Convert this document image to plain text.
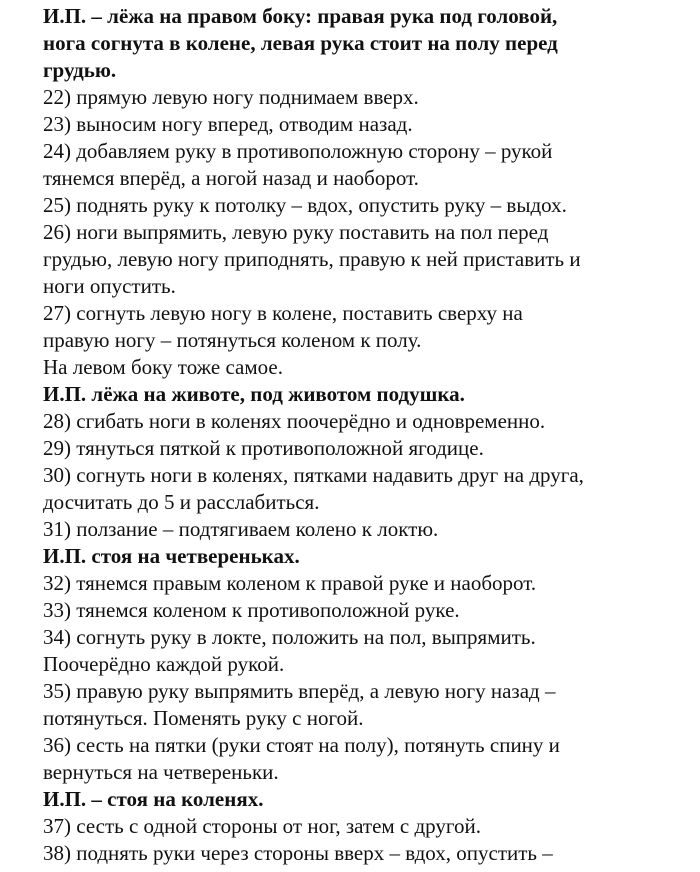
И.П. – лёжа на правом боку: правая рука под головой,
нога согнута в колене, левая рука стоит на полу перед
грудью.
22) прямую левую ногу поднимаем вверх.
23) выносим ногу вперед, отводим назад.
24) добавляем руку в противоположную сторону – рукой
тянемся вперёд, а ногой назад и наоборот.
25) поднять руку к потолку – вдох, опустить руку – выдох.
26) ноги выпрямить, левую руку поставить на пол перед
грудью, левую ногу приподнять, правую к ней приставить и
ноги опустить.
27) согнуть левую ногу в колене, поставить сверху на
правую ногу – потянуться коленом к полу.
На левом боку тоже самое.
И.П. лёжа на животе, под животом подушка.
28) сгибать ноги в коленях поочерёдно и одновременно.
29) тянуться пяткой к противоположной ягодице.
30) согнуть ноги в коленях, пятками надавить друг на друга,
досчитать до 5 и расслабиться.
31) ползание – подтягиваем колено к локтю.
И.П. стоя на четвереньках.
32) тянемся правым коленом к правой руке и наоборот.
33) тянемся коленом к противоположной руке.
34) согнуть руку в локте, положить на пол, выпрямить.
Поочерёдно каждой рукой.
35) правую руку выпрямить вперёд, а левую ногу назад –
потянуться. Поменять руку с ногой.
36) сесть на пятки (руки стоят на полу), потянуть спину и
вернуться на четвереньки.
И.П. – стоя на коленях.
37) сесть с одной стороны от ног, затем с другой.
38) поднять руки через стороны вверх – вдох, опустить –
